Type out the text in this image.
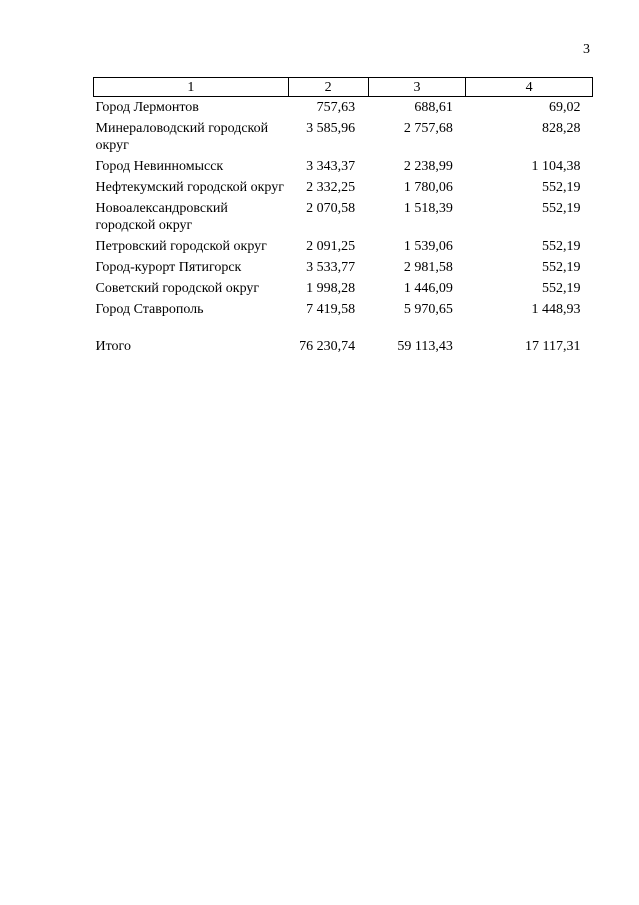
3
1	2	3	4
Город Лермонтов	757,63	688,61	69,02
Минераловодский городской округ	3 585,96	2 757,68	828,28
Город Невинномысск	3 343,37	2 238,99	1 104,38
Нефтекумский городской округ	2 332,25	1 780,06	552,19
Новоалександровский городской округ	2 070,58	1 518,39	552,19
Петровский городской округ	2 091,25	1 539,06	552,19
Город-курорт Пятигорск	3 533,77	2 981,58	552,19
Советский городской округ	1 998,28	1 446,09	552,19
Город Ставрополь	7 419,58	5 970,65	1 448,93

Итого	76 230,74	59 113,43	17 117,31
